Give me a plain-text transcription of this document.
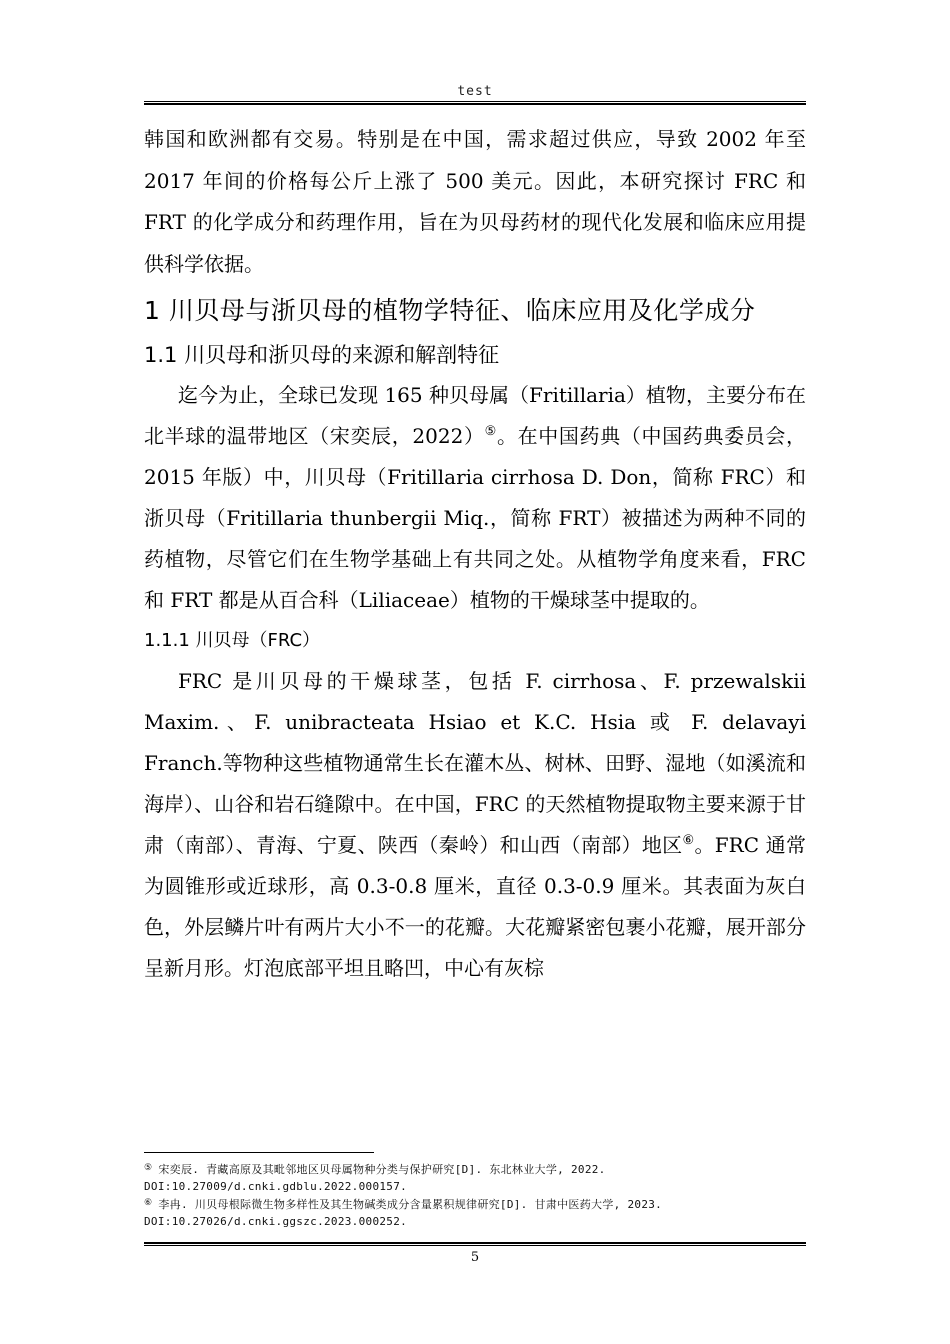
test

韩国和欧洲都有交易。特别是在中国，需求超过供应，导致 2002 年至 2017 年间的价格每公斤上涨了 500 美元。因此，本研究探讨 FRC 和 FRT 的化学成分和药理作用，旨在为贝母药材的现代化发展和临床应用提供科学依据。

1 川贝母与浙贝母的植物学特征、临床应用及化学成分
1.1 川贝母和浙贝母的来源和解剖特征

迄今为止，全球已发现 165 种贝母属（Fritillaria）植物，主要分布在北半球的温带地区（宋奕辰，2022）⑤。在中国药典（中国药典委员会，2015 年版）中，川贝母（Fritillaria cirrhosa D. Don，简称 FRC）和浙贝母（Fritillaria thunbergii Miq.，简称 FRT）被描述为两种不同的药植物，尽管它们在生物学基础上有共同之处。从植物学角度来看，FRC 和 FRT 都是从百合科（Liliaceae）植物的干燥球茎中提取的。

1.1.1 川贝母（FRC）

FRC 是川贝母的干燥球茎，包括 F. cirrhosa、F. przewalskii Maxim.、F. unibracteata Hsiao et K.C. Hsia 或 F. delavayi Franch.等物种这些植物通常生长在灌木丛、树林、田野、湿地（如溪流和海岸）、山谷和岩石缝隙中。在中国，FRC 的天然植物提取物主要来源于甘肃（南部）、青海、宁夏、陕西（秦岭）和山西（南部）地区⑥。FRC 通常为圆锥形或近球形，高 0.3-0.8 厘米，直径 0.3-0.9 厘米。其表面为灰白色，外层鳞片叶有两片大小不一的花瓣。大花瓣紧密包裹小花瓣，展开部分呈新月形。灯泡底部平坦且略凹，中心有灰棕

⑤ 宋奕辰. 青藏高原及其毗邻地区贝母属物种分类与保护研究[D]. 东北林业大学, 2022. DOI:10.27009/d.cnki.gdblu.2022.000157.

⑥ 李冉. 川贝母根际微生物多样性及其生物碱类成分含量累积规律研究[D]. 甘肃中医药大学, 2023. DOI:10.27026/d.cnki.ggszc.2023.000252.

5
